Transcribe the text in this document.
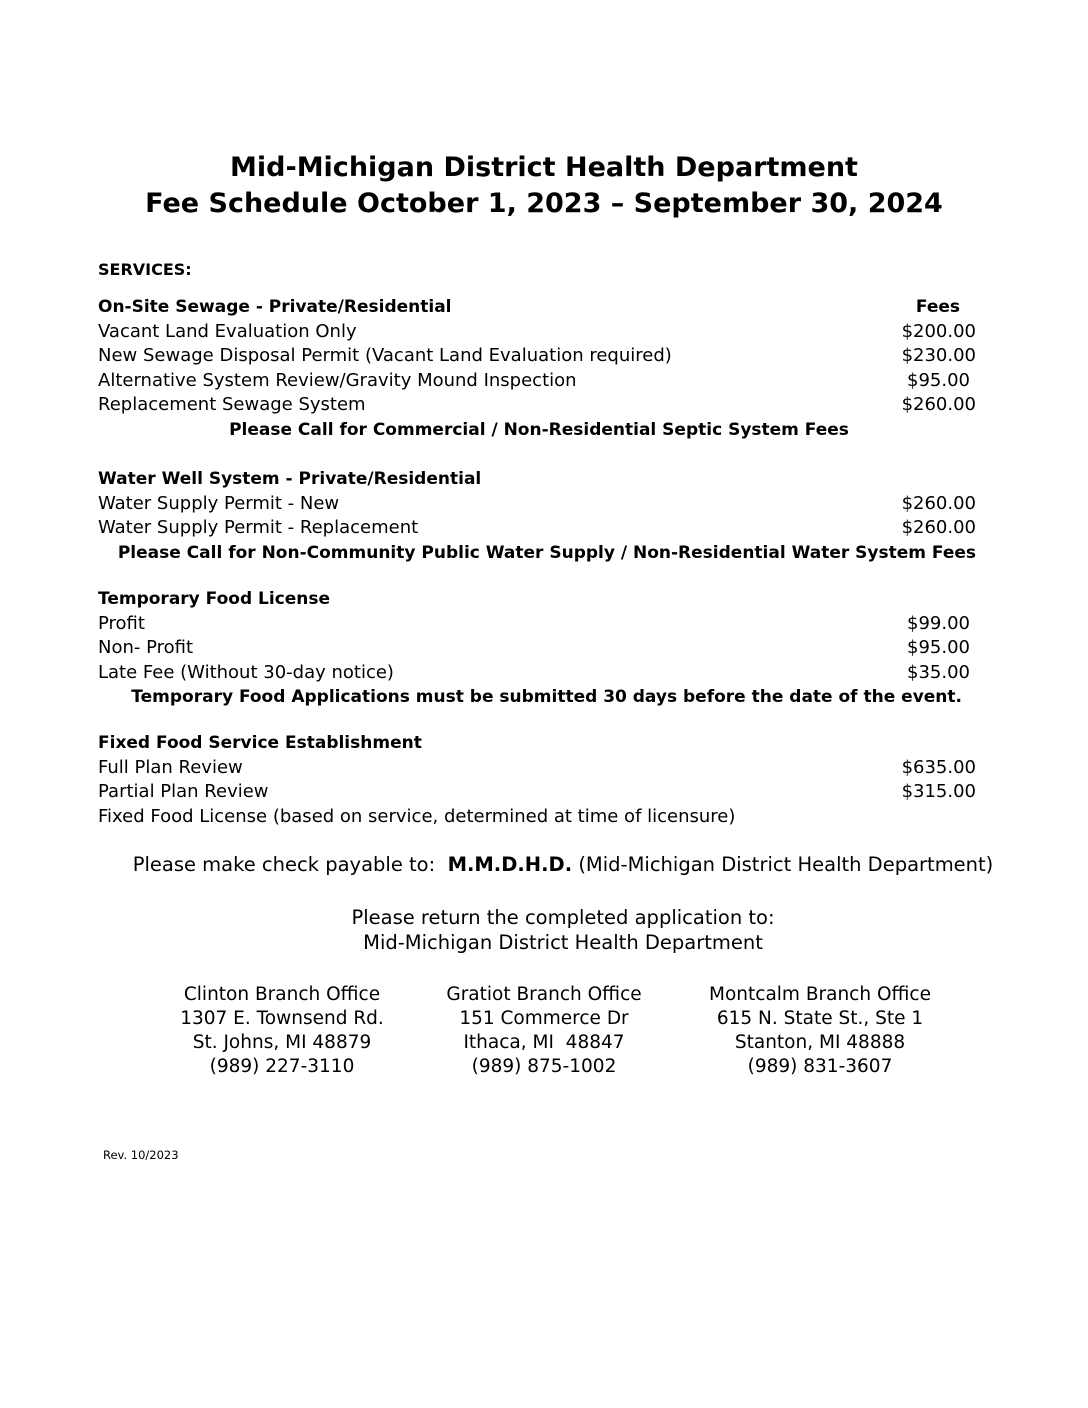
Mid-Michigan District Health Department
Fee Schedule October 1, 2023 – September 30, 2024
SERVICES:
On-Site Sewage - Private/Residential	Fees
Vacant Land Evaluation Only	$200.00
New Sewage Disposal Permit (Vacant Land Evaluation required)	$230.00
Alternative System Review/Gravity Mound Inspection	$95.00
Replacement Sewage System	$260.00
Please Call for Commercial / Non-Residential Septic System Fees
Water Well System - Private/Residential
Water Supply Permit - New	$260.00
Water Supply Permit - Replacement	$260.00
Please Call for Non-Community Public Water Supply / Non-Residential Water System Fees
Temporary Food License
Profit	$99.00
Non- Profit	$95.00
Late Fee (Without 30-day notice)	$35.00
Temporary Food Applications must be submitted 30 days before the date of the event.
Fixed Food Service Establishment
Full Plan Review	$635.00
Partial Plan Review	$315.00
Fixed Food License (based on service, determined at time of licensure)
Please make check payable to: M.M.D.H.D. (Mid-Michigan District Health Department)
Please return the completed application to:
Mid-Michigan District Health Department
Clinton Branch Office
1307 E. Townsend Rd.
St. Johns, MI 48879
(989) 227-3110
Gratiot Branch Office
151 Commerce Dr
Ithaca, MI  48847
(989) 875-1002
Montcalm Branch Office
615 N. State St., Ste 1
Stanton, MI 48888
(989) 831-3607
Rev. 10/2023
